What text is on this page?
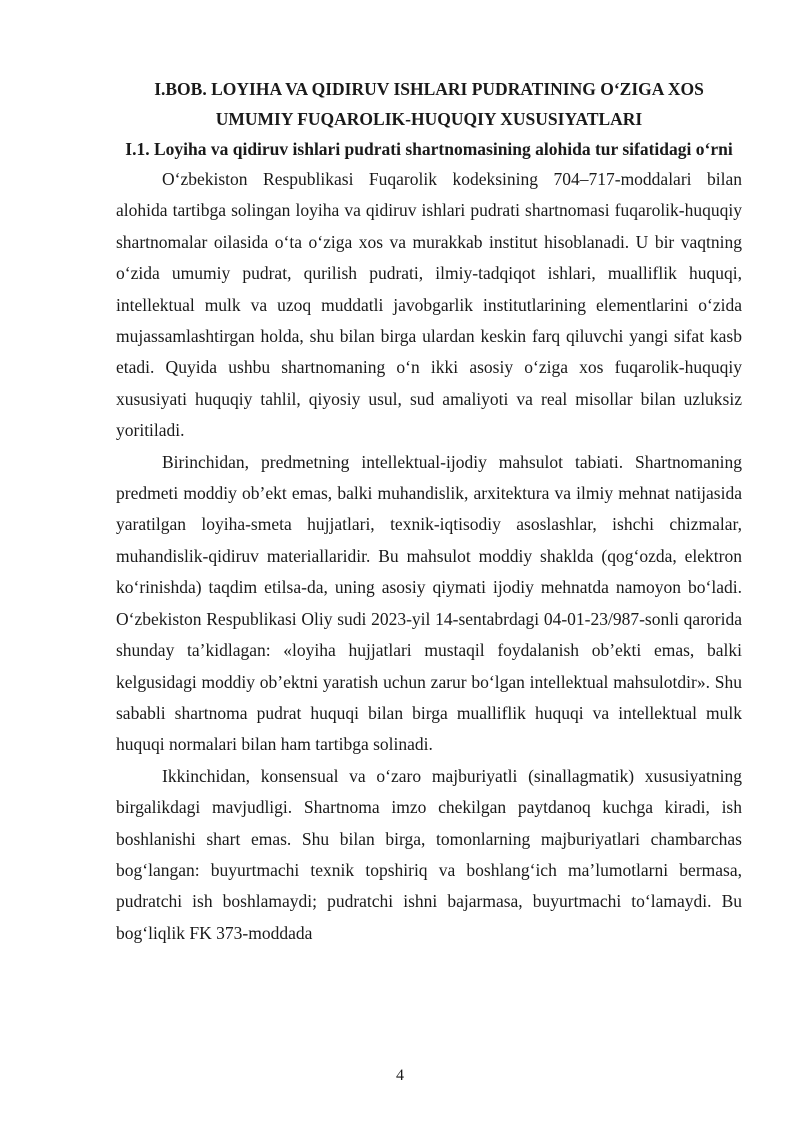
I.BOB. LOYIHA VA QIDIRUV ISHLARI PUDRATINING O‘ZIGA XOS UMUMIY FUQAROLIK-HUQUQIY XUSUSIYATLARI
I.1. Loyiha va qidiruv ishlari pudrati shartnomasining alohida tur sifatidagi o‘rni

O‘zbekiston Respublikasi Fuqarolik kodeksining 704–717-moddalari bilan alohida tartibga solingan loyiha va qidiruv ishlari pudrati shartnomasi fuqarolik-huquqiy shartnomalar oilasida o‘ta o‘ziga xos va murakkab institut hisoblanadi. U bir vaqtning o‘zida umumiy pudrat, qurilish pudrati, ilmiy-tadqiqot ishlari, mualliflik huquqi, intellektual mulk va uzoq muddatli javobgarlik institutlarining elementlarini o‘zida mujassamlashtirgan holda, shu bilan birga ulardan keskin farq qiluvchi yangi sifat kasb etadi. Quyida ushbu shartnomaning o‘n ikki asosiy o‘ziga xos fuqarolik-huquqiy xususiyati huquqiy tahlil, qiyosiy usul, sud amaliyoti va real misollar bilan uzluksiz yoritiladi.

Birinchidan, predmetning intellektual-ijodiy mahsulot tabiati. Shartnomaning predmeti moddiy ob’ekt emas, balki muhandislik, arxitektura va ilmiy mehnat natijasida yaratilgan loyiha-smeta hujjatlari, texnik-iqtisodiy asoslashlar, ishchi chizmalar, muhandislik-qidiruv materiallaridir. Bu mahsulot moddiy shaklda (qog‘ozda, elektron ko‘rinishda) taqdim etilsa-da, uning asosiy qiymati ijodiy mehnatda namoyon bo‘ladi. O‘zbekiston Respublikasi Oliy sudi 2023-yil 14-sentabrdagi 04-01-23/987-sonli qarorida shunday ta’kidlagan: «loyiha hujjatlari mustaqil foydalanish ob’ekti emas, balki kelgusidagi moddiy ob’ektni yaratish uchun zarur bo‘lgan intellektual mahsulotdir». Shu sababli shartnoma pudrat huquqi bilan birga mualliflik huquqi va intellektual mulk huquqi normalari bilan ham tartibga solinadi.

Ikkinchidan, konsensual va o‘zaro majburiyatli (sinallagmatik) xususiyatning birgalikdagi mavjudligi. Shartnoma imzo chekilgan paytdanoq kuchga kiradi, ish boshlanishi shart emas. Shu bilan birga, tomonlarning majburiyatlari chambarchas bog‘langan: buyurtmachi texnik topshiriq va boshlang‘ich ma’lumotlarni bermasa, pudratchi ish boshlamaydi; pudratchi ishni bajarmasa, buyurtmachi to‘lamaydi. Bu bog‘liqlik FK 373-moddada

4
